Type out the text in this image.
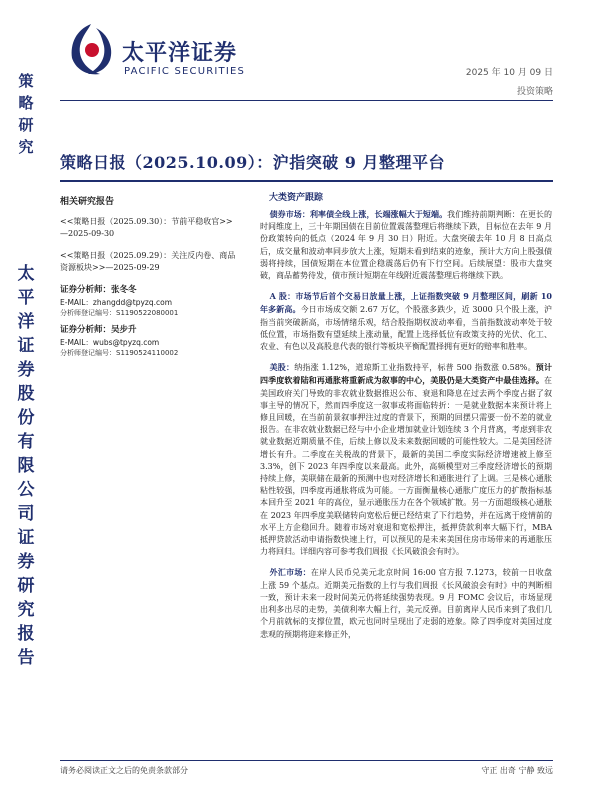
太平洋证券
PACIFIC SECURITIES	2025 年 10 月 09 日
投资策略
策略研究
太平洋证券股份有限公司证券研究报告
策略日报（2025.10.09）：沪指突破 9 月整理平台
大类资产跟踪
相关研究报告
<<策略日报（2025.09.30）：节前平稳收官>>—2025-09-30
<<策略日报（2025.09.29）：关注反内卷、商品资源板块>>—2025-09-29
证券分析师：张冬冬
E-MAIL：zhangdd@tpyzq.com
分析师登记编号：S1190522080001
证券分析师：吴步升
E-MAIL：wubs@tpyzq.com
分析师登记编号：S1190524110002

债券市场：利率债全线上涨，长端涨幅大于短端。我们维持前期判断：在更长的时间维度上，三十年期国债在目前位置震荡整理后将继续下跌，目标位在去年 9 月份政策转向的低点（2024 年 9 月 30 日）附近。大盘突破去年 10 月 8 日高点后，成交量和波动率同步放大上涨，短期未看到结束的迹象，预计大方向上股强债弱将持续，国债短期在本位置企稳震荡后仍有下行空间。后续展望：股市大盘突破，商品蓄势待发，债市预计短期在年线附近震荡整理后将继续下跌。

A 股：市场节后首个交易日放量上涨，上证指数突破 9 月整理区间，刷新 10 年多新高。今日市场成交额 2.67 万亿，个股涨多跌少，近 3000 只个股上涨，沪指当前突破新高，市场情绪乐观，结合股指期权波动率看，当前指数波动率处于较低位置，市场指数有望延续上涨动量，配置上选择低位有政策支持的光伏、化工、农业、有色以及高股息代表的银行等板块平衡配置择拥有更好的赔率和胜率。

美股：纳指涨 1.12%，道琼斯工业指数持平，标普 500 指数涨 0.58%。预计四季度软着陆和再通胀将重新成为叙事的中心，美股仍是大类资产中最佳选择。在美国政府关门导致的非农就业数据推迟公布、衰退和降息在过去两个季度占据了叙事主导的情况下，然而四季度这一叙事或将面临转折：一是就业数据本来预计将上修且回暖，在当前前景叙事押注过度的背景下，预期的回摆只需要一份不差的就业报告。在非农就业数据已经与中小企业增加就业计划连续 3 个月背离，考虑到非农就业数据近期质量不佳，后续上修以及未来数据回暖的可能性较大。二是美国经济增长有升。二季度在关税战的背景下，最新的美国二季度实际经济增速被上修至 3.3%，创下 2023 年四季度以来最高。此外，高频模型对三季度经济增长的预期持续上修，美联储在最新的预测中也对经济增长和通胀进行了上调。三是核心通胀粘性较强，四季度再通胀将成为可能。一方面衡量核心通胀广度压力的扩散指标基本回升至 2021 年的高位，显示通胀压力在各个领域扩散。另一方面超级核心通胀在 2023 年四季度美联储转向宽松后便已经结束了下行趋势，并在远离于疫情前的水平上方企稳回升。随着市场对衰退和宽松押注，抵押贷款利率大幅下行，MBA 抵押贷款活动申请指数快速上行，可以预见的是未来美国住房市场带来的再通胀压力将回归。详细内容可参考我们周报《长风破浪会有时》。

外汇市场：在岸人民币兑美元北京时间 16:00 官方报 7.1273，较前一日收盘上涨 59 个基点。近期美元指数的上行与我们周报《长风破浪会有时》中的判断相一致，预计未来一段时间美元仍将延续强势表现。9 月 FOMC 会议后，市场显现出利多出尽的走势，美债利率大幅上行，美元反弹。目前离岸人民币来到了我们几个月前就标的支撑位置，欧元也同时呈现出了走弱的迹象。除了四季度对美国过度悲观的预期将迎来修正外，

请务必阅读正文之后的免责条款部分	守正 出奇 宁静 致远
